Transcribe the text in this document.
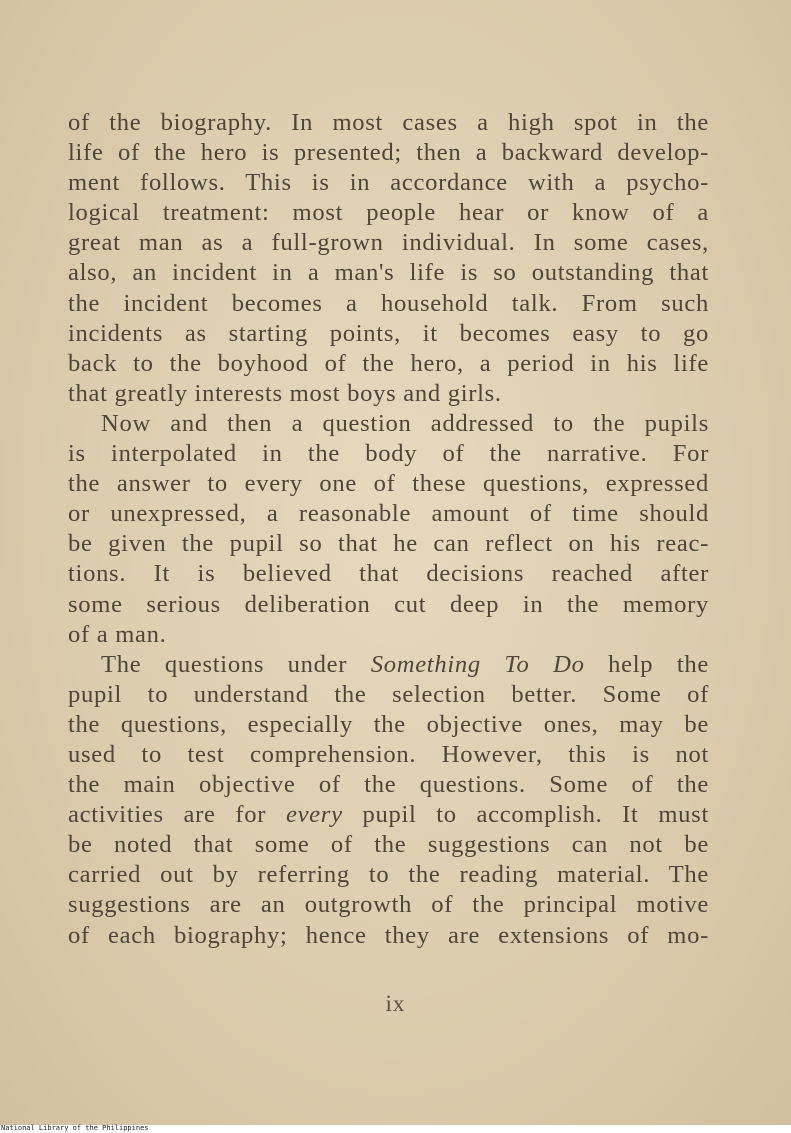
of the biography. In most cases a high spot in the
life of the hero is presented; then a backward develop-
ment follows. This is in accordance with a psycho-
logical treatment: most people hear or know of a
great man as a full-grown individual. In some cases,
also, an incident in a man's life is so outstanding that
the incident becomes a household talk. From such
incidents as starting points, it becomes easy to go
back to the boyhood of the hero, a period in his life
that greatly interests most boys and girls.
Now and then a question addressed to the pupils
is interpolated in the body of the narrative. For
the answer to every one of these questions, expressed
or unexpressed, a reasonable amount of time should
be given the pupil so that he can reflect on his reac-
tions. It is believed that decisions reached after
some serious deliberation cut deep in the memory
of a man.
The questions under Something To Do help the
pupil to understand the selection better. Some of
the questions, especially the objective ones, may be
used to test comprehension. However, this is not
the main objective of the questions. Some of the
activities are for every pupil to accomplish. It must
be noted that some of the suggestions can not be
carried out by referring to the reading material. The
suggestions are an outgrowth of the principal motive
of each biography; hence they are extensions of mo-
ix
National Library of the Philippines
